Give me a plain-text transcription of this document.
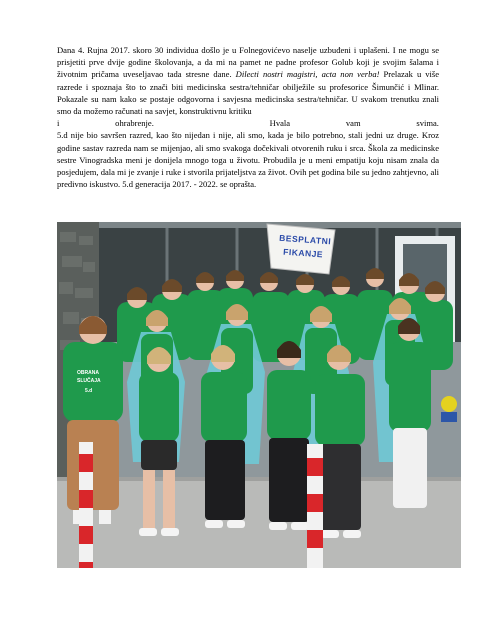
Dana 4. Rujna 2017. skoro 30 individua došlo je u Folnegovićevo naselje uzbuđeni i uplašeni. I ne mogu se prisjetiti prve dvije godine školovanja, a da mi na pamet ne padne profesor Golub koji je svojim šalama i životnim pričama uveseljavao tada stresne dane. Dilecti nostri magistri, acta non verba! Prelazak u više razrede i spoznaja što to znači biti medicinska sestra/tehničar obilježile su profesorice Šimunčić i Mlinar. Pokazale su nam kako se postaje odgovorna i savjesna medicinska sestra/tehničar. U svakom trenutku znali smo da možemo računati na savjet, konstruktivnu kritiku

i	ohrabrenje.	Hvala	vam	svima.

5.d nije bio savršen razred, kao što nijedan i nije, ali smo, kada je bilo potrebno, stali jedni uz druge. Kroz godine sastav razreda nam se mijenjao, ali smo svakoga dočekivali otvorenih ruku i srca. Škola za medicinske sestre Vinogradska meni je donijela mnogo toga u životu. Probudila je u meni empatiju koju nisam znala da posjedujem, dala mi je zvanje i ruke i stvorila prijateljstva za život. Ovih pet godina bile su jedno zahtjevno, ali predivno iskustvo. 5.d generacija 2017. - 2022. se oprašta.

BESPLATNI
FIKANJE
OBRANA
SLUČAJA
5.d
